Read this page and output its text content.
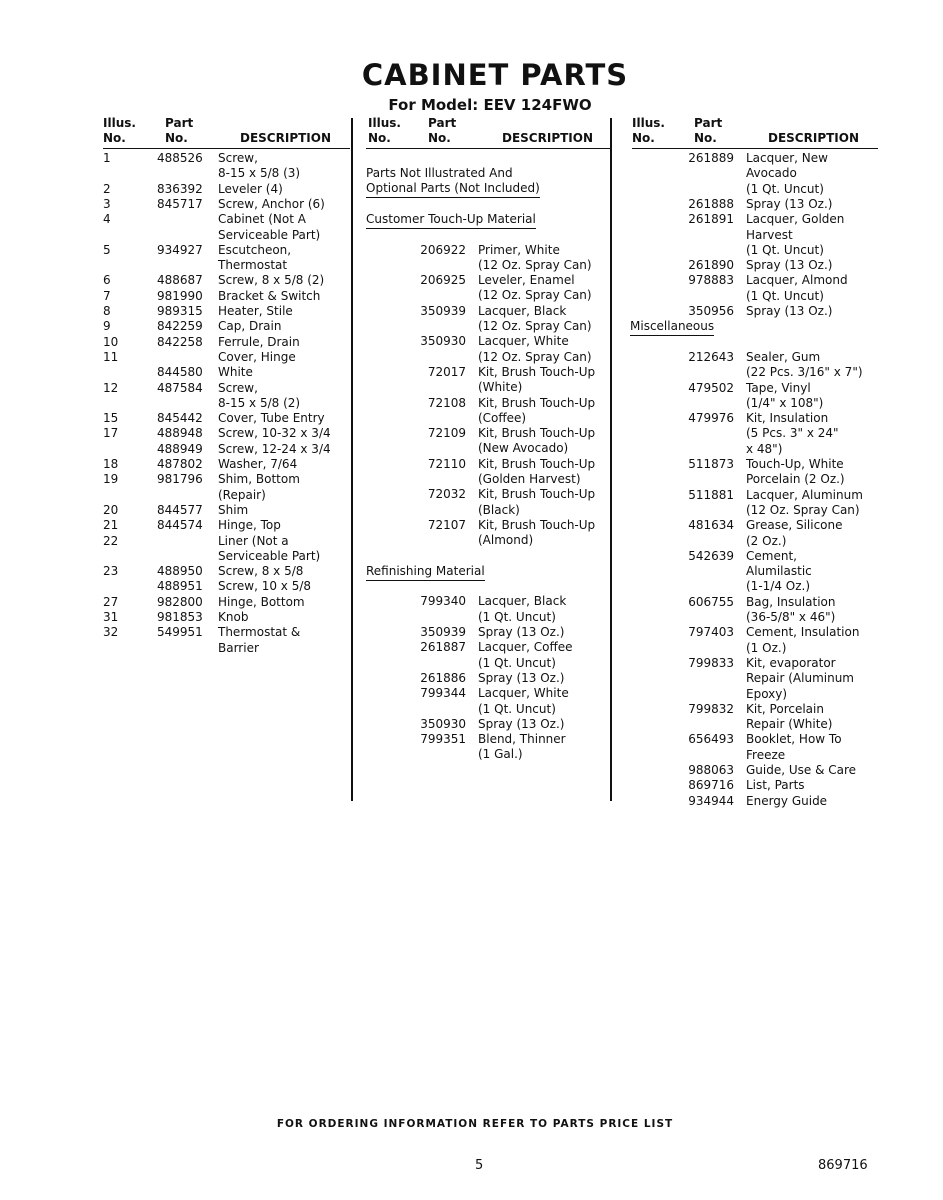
CABINET PARTS
For Model: EEV 124FWO
Illus.
No.
Part
No.	DESCRIPTION
Illus.
No.
Part
No.	DESCRIPTION
Illus.
No.
Part
No.	DESCRIPTION
1	488526 Screw,
8-15 x 5/8 (3)
2	836392 Leveler (4)
3	845717 Screw, Anchor (6)
4	Cabinet (Not A
Serviceable Part)
5	934927 Escutcheon,
Thermostat
6	488687 Screw, 8 x 5/8 (2)
7	981990 Bracket & Switch
8	989315 Heater, Stile
9	842259 Cap, Drain
10	842258 Ferrule, Drain
11	Cover, Hinge
844580 White
12	487584 Screw,
8-15 x 5/8 (2)
15	845442 Cover, Tube Entry
17	488948 Screw, 10-32 x 3/4
488949 Screw, 12-24 x 3/4
18	487802 Washer, 7/64
19	981796 Shim, Bottom
(Repair)
20	844577 Shim
21	844574 Hinge, Top
22	Liner (Not a
Serviceable Part)
23	488950 Screw, 8 x 5/8
488951 Screw, 10 x 5/8
27	982800 Hinge, Bottom
31	981853 Knob
32	549951 Thermostat &
Barrier
Parts Not Illustrated And
Optional Parts (Not Included)
Customer Touch-Up Material
206922 Primer, White
(12 Oz. Spray Can)
206925 Leveler, Enamel
(12 Oz. Spray Can)
350939 Lacquer, Black
(12 Oz. Spray Can)
350930 Lacquer, White
(12 Oz. Spray Can)
72017 Kit, Brush Touch-Up
(White)
72108 Kit, Brush Touch-Up
(Coffee)
72109 Kit, Brush Touch-Up
(New Avocado)
72110 Kit, Brush Touch-Up
(Golden Harvest)
72032 Kit, Brush Touch-Up
(Black)
72107 Kit, Brush Touch-Up
(Almond)
Refinishing Material
799340 Lacquer, Black
(1 Qt. Uncut)
350939 Spray (13 Oz.)
261887 Lacquer, Coffee
(1 Qt. Uncut)
261886 Spray (13 Oz.)
799344 Lacquer, White
(1 Qt. Uncut)
350930 Spray (13 Oz.)
799351 Blend, Thinner
(1 Gal.)
261889 Lacquer, New
Avocado
(1 Qt. Uncut)
261888 Spray (13 Oz.)
261891 Lacquer, Golden
Harvest
(1 Qt. Uncut)
261890 Spray (13 Oz.)
978883 Lacquer, Almond
(1 Qt. Uncut)
350956 Spray (13 Oz.)
Miscellaneous
212643 Sealer, Gum
(22 Pcs. 3/16" x 7")
479502 Tape, Vinyl
(1/4" x 108")
479976 Kit, Insulation
(5 Pcs. 3" x 24"
x 48")
511873 Touch-Up, White
Porcelain (2 Oz.)
511881 Lacquer, Aluminum
(12 Oz. Spray Can)
481634 Grease, Silicone
(2 Oz.)
542639 Cement,
Alumilastic
(1-1/4 Oz.)
606755 Bag, Insulation
(36-5/8" x 46")
797403 Cement, Insulation
(1 Oz.)
799833 Kit, evaporator
Repair (Aluminum
Epoxy)
799832 Kit, Porcelain
Repair (White)
656493 Booklet, How To
Freeze
988063 Guide, Use & Care
869716 List, Parts
934944 Energy Guide
FOR ORDERING INFORMATION REFER TO PARTS PRICE LIST
5	869716
